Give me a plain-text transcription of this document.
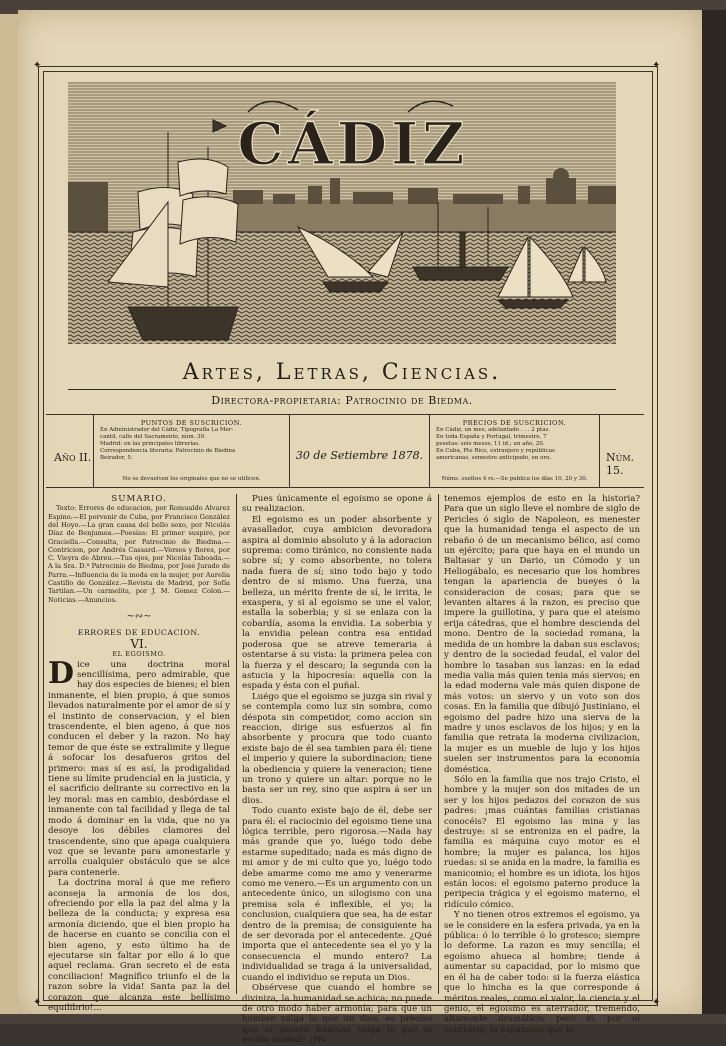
✦	✦
✦	✦
CÁDIZ
Artes, Letras, Ciencias.
Directora-propietaria: Patrocinio de Biedma.
Año II.
PUNTOS DE SUSCRICION.
En Administrador del Cádiz, Tipografía La Mer-
cantil, calle del Sacramento, núm. 39.
Madrid: en las principales librerías.
Correspondencia literaria: Patrocinio de Biedma
Beirador, 5.
No se devuelven los originales que no se utilicen.
30 de Setiembre 1878.
PRECIOS DE SUSCRICION.
En Cádiz, un mes, adelantado . . . 2 ptas.
En toda España y Portugal, trimestre, 7
pesetas: seis meses, 11 id.; un año, 20.
En Cuba, Pto Rico, extranjero y repúblicas
americanas, semestre anticipado, en oro.
Núms. sueltos 4 rs.—Se publica los días 10, 20 y 30.
Núm. 15.

SUMARIO.

Texto: Errores de educacion, por Romualdo Alvarez Espino.—El porvenir de Cuba, por Francisco González del Hoyo.—La gran causa del bello sexo, por Nicolás Díaz de Benjumea.—Poesías: El primer suspiro, por Graciella.—Consulta, por Patrocinio de Biedma.—Contricion, por Andrés Cassard.—Versos y flores, por C. Vieyra de Abreu.—Tus ojos, por Nicolás Taboada.—A la Sra. D.ª Patrocinio de Biedma, por José Jurado de Parra.—Influencia de la moda en la mujer, por Aurelia Castillo de González.—Revista de Madrid, por Sofía Tartilan.—Un carmelita, por J. M. Gomez Colon.—Noticias.—Anuncios.

~∾~

ERRORES DE EDUCACION.

VI.

EL EGOISMO.

Dice una doctrina moral sencillísima, pero admirable, que hay dos especies de bienes; el bien inmanente, el bien propio, á que somos llevados naturalmente por el amor de sí y el instinto de conservacion, y el bien trascendente, el bien ageno, á que nos conducen el deber y la razon. No hay temor de que éste se extralimite y llegue á sofocar los desafueros gritos del primero: mas sí es así, la prodigalidad tiene su límite prudencial en la justicia, y el sacrificio delirante su correctivo en la ley moral: mas en cambio, desbórdase el inmanente con tal facilidad y llega de tal modo á dominar en la vida, que no ya desoye los débiles clamores del trascendente, sino que apaga cualquiera voz que se levante para amonestarle y arrolla cualquier obstáculo que se alce para contenerle.

La doctrina moral á que me refiero aconseja la armonía de los dos, ofreciendo por ella la paz del alma y la belleza de la conducta; y expresa esa armonía diciendo, que el bien propio ha de hacerse en cuanto se concilia con el bien ageno, y esto último ha de ejecutarse sin faltar por ello á lo que aquel reclama. Gran secreto el de esta conciliacion! Magnífico triunfo el de la razon sobre la vida! Santa paz la del corazon que alcanza este bellísimo equilibrio!...

Pues únicamente el egoismo se opone á su realizacion.

El egoismo es un poder absorbente y avasallador, cuya ambicion devoradora aspira al dominio absoluto y á la adoracion suprema: como tiránico, no consiente nada sobre sí; y como absorbente, no tolera nada fuera de sí; sino todo bajo y todo dentro de sí mismo. Una fuerza, una belleza, un mérito frente de sí, le irrita, le exaspera, y si al egoismo se une el valor, estalla la soberbia; y si se enlaza con la cobardía, asoma la envidia. La soberbia y la envidia pelean contra esa entidad poderosa que se atreve temeraria á ostentarse á su vista: la primera pelea con la fuerza y el descaro; la segunda con la astucia y la hipocresía: aquella con la espada y ésta con el puñal.

Luégo que el egoismo se juzga sin rival y se contempla como luz sin sombra, como déspota sin competidor, como accion sin reaccion, dirige sus esfuerzos al fin absorbente y procura que todo cuanto existe bajo de él sea tambien para él: tiene el imperio y quiere la subordinacion; tiene la obediencia y quiere la veneracion; tiene un trono y quiere un altar: porque no le basta ser un rey, sino que aspira á ser un dios.

Todo cuanto existe bajo de él, debe ser para él: el raciocinio del egoismo tiene una lógica terrible, pero rigorosa.—Nada hay más grande que yo, luégo todo debe estarme supeditado; nada es más digno de mi amor y de mi culto que yo, luégo todo debe amarme como me amo y venerarme como me venero.—Es un argumento con un antecedente único, un silogismo con una premisa sola é inflexible, el yo; la conclusion, cualquiera que sea, ha de estar dentro de la premisa; de consiguiente ha de ser devorada por el antecedente. ¿Qué importa que el antecedente sea el yo y la consecuencia el mundo entero? La individualidad se traga á la universalidad, cuando el individuo se reputa un Dios.

Obsérvese que cuando el hombre se diviniza, la humanidad se achica; no puede de otro modo haber armonía; para que un hombre valga lo que un dios, es preciso que el género humano valga lo que la escala animal? ¿No

tenemos ejemplos de esto en la historia? Para que un siglo lleve el nombre de siglo de Pericles ó siglo de Napoleon, es menester que la humanidad tenga el aspecto de un rebaño ó de un mecanismo bélico, así como un ejército; para que haya en el mundo un Baltasar y un Dario, un Cómodo y un Heliogábalo, es necesario que los hombres tengan la apariencia de bueyes ó la consideracion de cosas; para que se levanten altares á la razon, es preciso que impere la guillotina, y para que el ateísmo erija cátedras, que el hombre descienda del mono. Dentro de la sociedad romana, la medida de un hombre la daban sus esclavos; y dentro de la sociedad feudal, el valor del hombre lo tasaban sus lanzas: en la edad media valia más quien tenia más siervos; en la edad moderna vale más quien dispone de más votos: un siervo y un voto son dos cosas. En la familia que dibujó Justiniano, el egoismo del padre hizo una sierva de la madre y unos esclavos de los hijos; y en la familia que retrata la moderna civilizacion, la mujer es un mueble de lujo y los hijos suelen ser instrumentos para la economía doméstica.

Sólo en la familia que nos trajo Cristo, el hombre y la mujer son dos mitades de un ser y los hijos pedazos del corazon de sus padres: ¡mas cuántas familias cristianas conocéis? El egoismo las mina y las destruye: si se entroniza en el padre, la familia es máquina cuyo motor es el hombre; la mujer es palanca, los hijos ruedas: si se anida en la madre, la familia es manicomio; el hombre es un idiota, los hijos están locos: el egoismo paterno produce la peripecia trágica y el egoismo materno, el ridículo cómico.

Y no tienen otros extremos el egoismo, ya se le considere en la esfera privada, ya en la pública: ó lo terrible ó lo grotesco; siempre lo deforme. La razon es muy sencilla; el egoísmo ahueca al hombre; tiende á aumentar su capacidad, por lo mismo que en él ha de caber todo: si la fuerza elástica que lo hincha es la que corresponde á méritos reales, como el valor, la ciencia y el genio, el egoismo es aterrador, tremendo, altamente dramático; pero si, por el contrario, la expansion que lo
